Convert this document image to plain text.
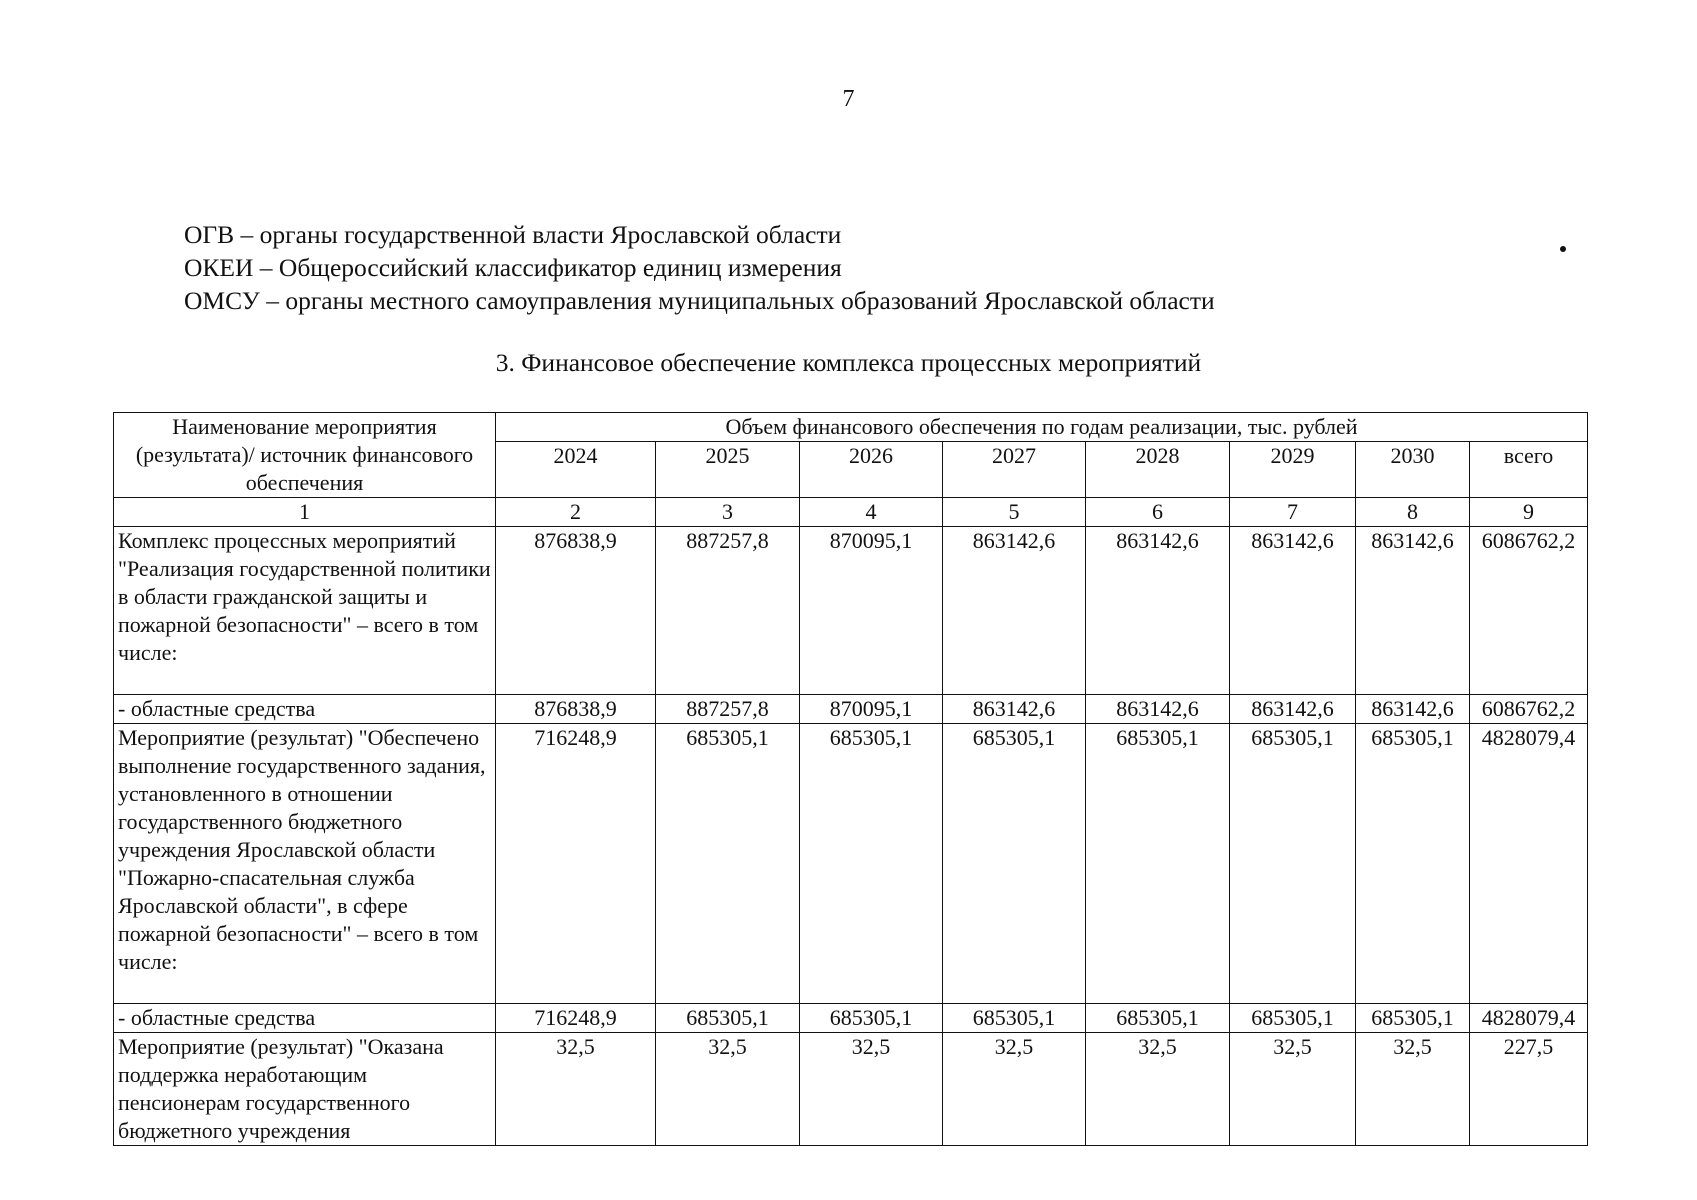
7
ОГВ – органы государственной власти Ярославской области
ОКЕИ – Общероссийский классификатор единиц измерения
ОМСУ – органы местного самоуправления муниципальных образований Ярославской области
3. Финансовое обеспечение комплекса процессных мероприятий
Наименование мероприятия (результата)/ источник финансового обеспечения	Объем финансового обеспечения по годам реализации, тыс. рублей							
	2024	2025	2026	2027	2028	2029	2030	всего
1	2	3	4	5	6	7	8	9
Комплекс процессных мероприятий "Реализация государственной политики в области гражданской защиты и пожарной безопасности" – всего в том числе:	876838,9	887257,8	870095,1	863142,6	863142,6	863142,6	863142,6	6086762,2
- областные средства	876838,9	887257,8	870095,1	863142,6	863142,6	863142,6	863142,6	6086762,2
Мероприятие (результат) "Обеспечено выполнение государственного задания, установленного в отношении государственного бюджетного учреждения Ярославской области "Пожарно-спасательная служба Ярославской области", в сфере пожарной безопасности" – всего в том числе:	716248,9	685305,1	685305,1	685305,1	685305,1	685305,1	685305,1	4828079,4
- областные средства	716248,9	685305,1	685305,1	685305,1	685305,1	685305,1	685305,1	4828079,4
Мероприятие (результат) "Оказана поддержка неработающим пенсионерам государственного бюджетного учреждения	32,5	32,5	32,5	32,5	32,5	32,5	32,5	227,5
